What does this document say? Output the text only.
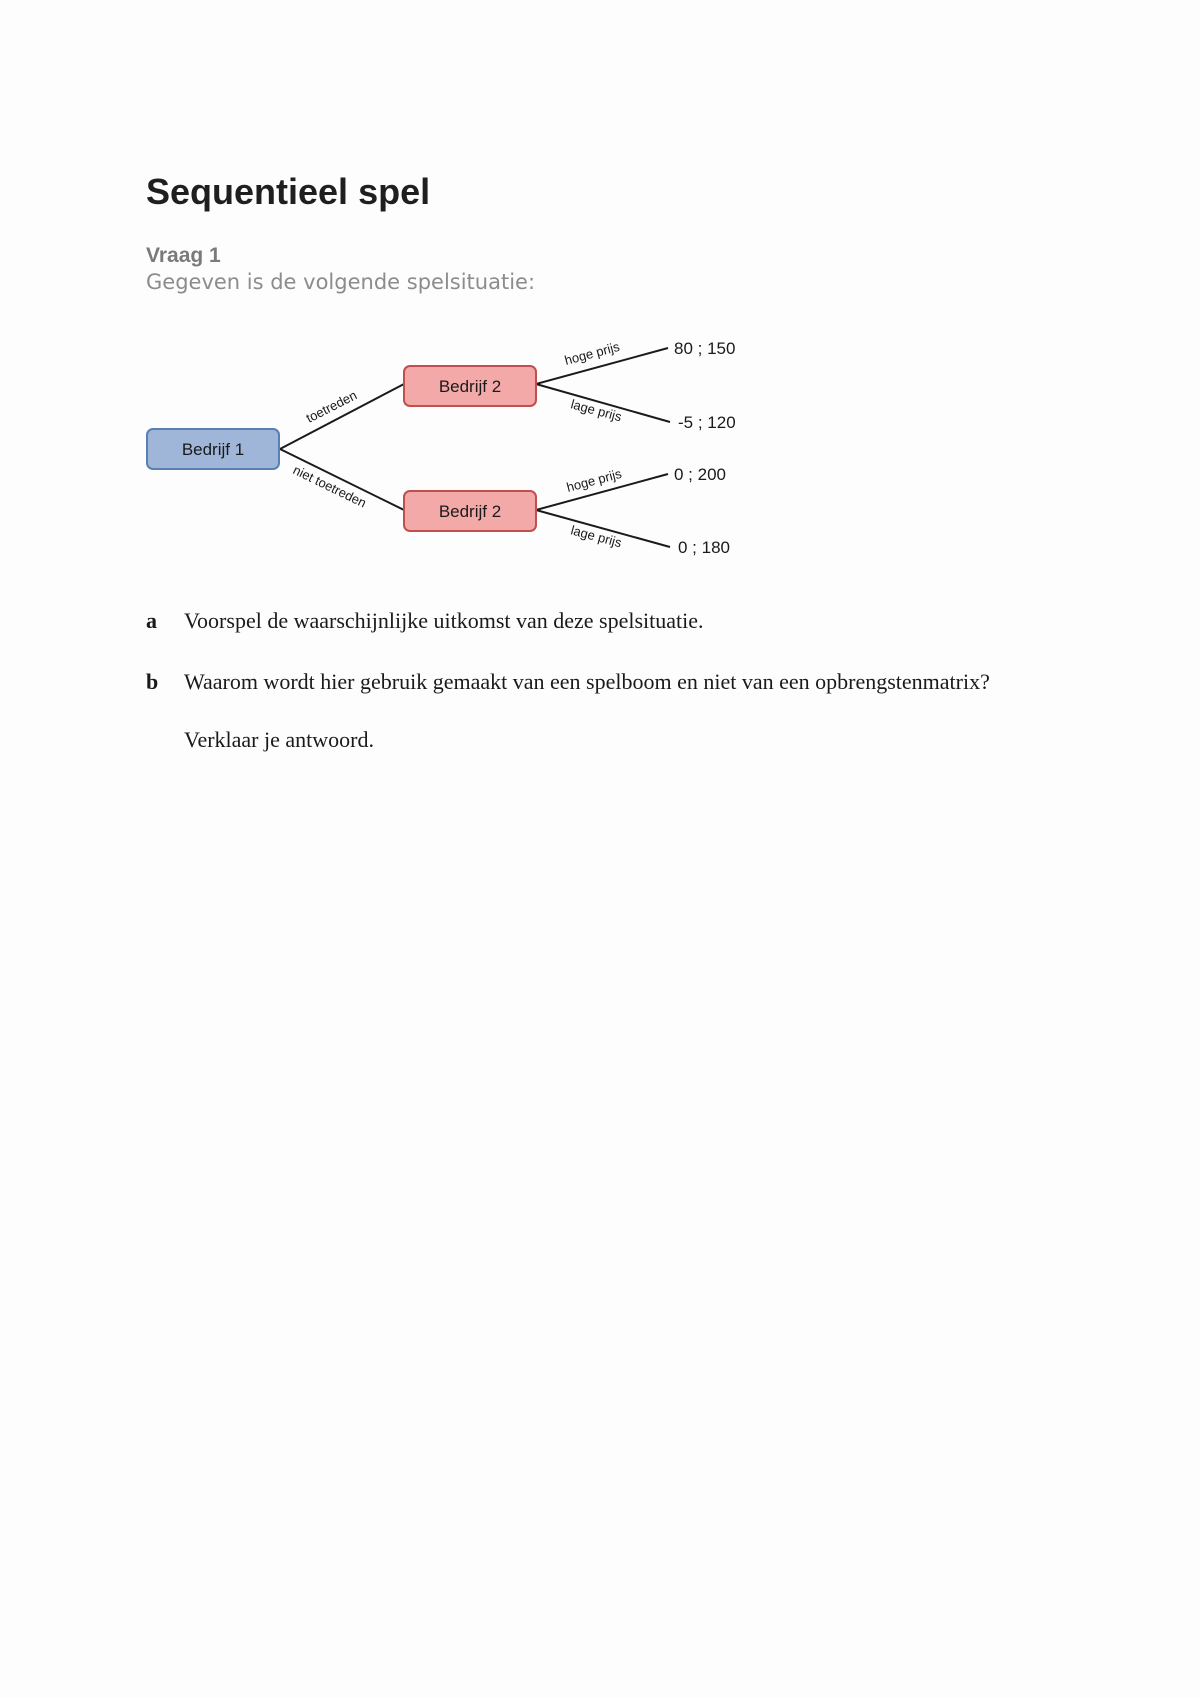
Sequentieel spel
Vraag 1
Gegeven is de volgende spelsituatie:
Bedrijf 1
Bedrijf 2
Bedrijf 2
toetreden
niet toetreden
hoge prijs
lage prijs
hoge prijs
lage prijs
80 ; 150
-5 ; 120
0 ; 200
0 ; 180
a Voorspel de waarschijnlijke uitkomst van deze spelsituatie.
b Waarom wordt hier gebruik gemaakt van een spelboom en niet van een opbrengstenmatrix?
Verklaar je antwoord.
